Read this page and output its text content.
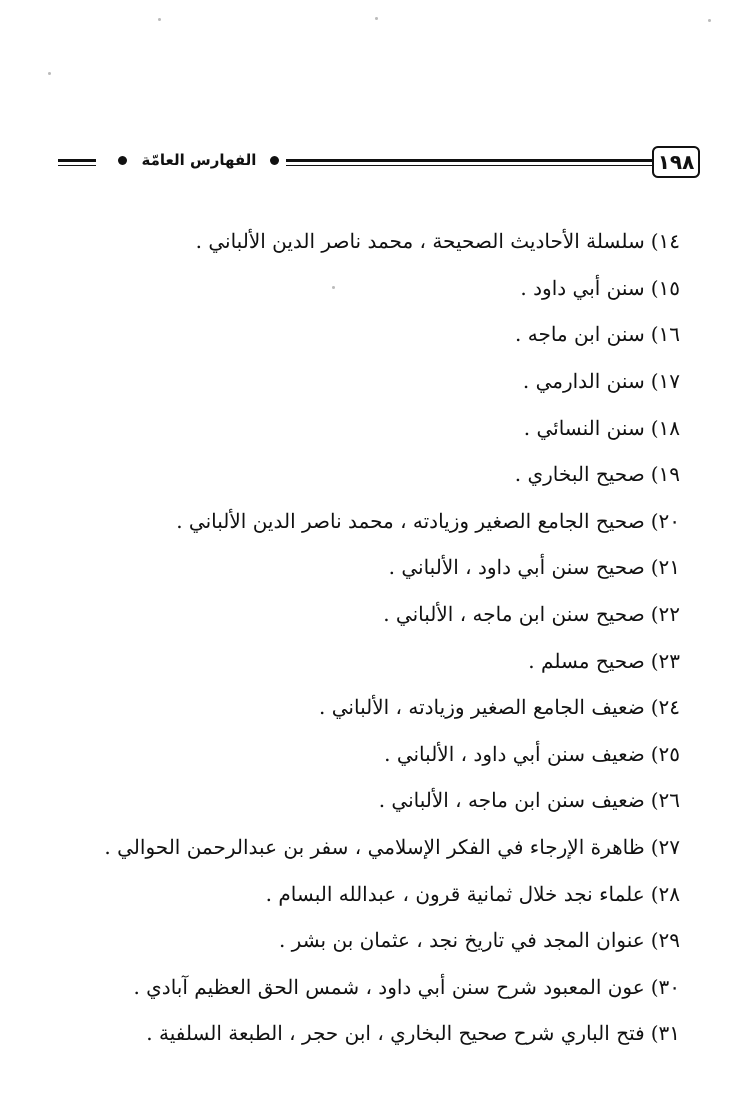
الفهارس العامّة	١٩٨
١٤)
سلسلة الأحاديث الصحيحة ، محمد ناصر الدين الألباني .
١٥)
سنن أبي داود .
١٦)
سنن ابن ماجه .
١٧)
سنن الدارمي .
١٨)
سنن النسائي .
١٩)
صحيح البخاري .
٢٠)
صحيح الجامع الصغير وزيادته ، محمد ناصر الدين الألباني .
٢١)
صحيح سنن أبي داود ، الألباني .
٢٢)
صحيح سنن ابن ماجه ، الألباني .
٢٣)
صحيح مسلم .
٢٤)
ضعيف الجامع الصغير وزيادته ، الألباني .
٢٥)
ضعيف سنن أبي داود ، الألباني .
٢٦)
ضعيف سنن ابن ماجه ، الألباني .
٢٧)
ظاهرة الإرجاء في الفكر الإسلامي ، سفر بن عبدالرحمن الحوالي .
٢٨)
علماء نجد خلال ثمانية قرون ، عبدالله البسام .
٢٩)
عنوان المجد في تاريخ نجد ، عثمان بن بشر .
٣٠)
عون المعبود شرح سنن أبي داود ، شمس الحق العظيم آبادي .
٣١)
فتح الباري شرح صحيح البخاري ، ابن حجر ، الطبعة السلفية .
